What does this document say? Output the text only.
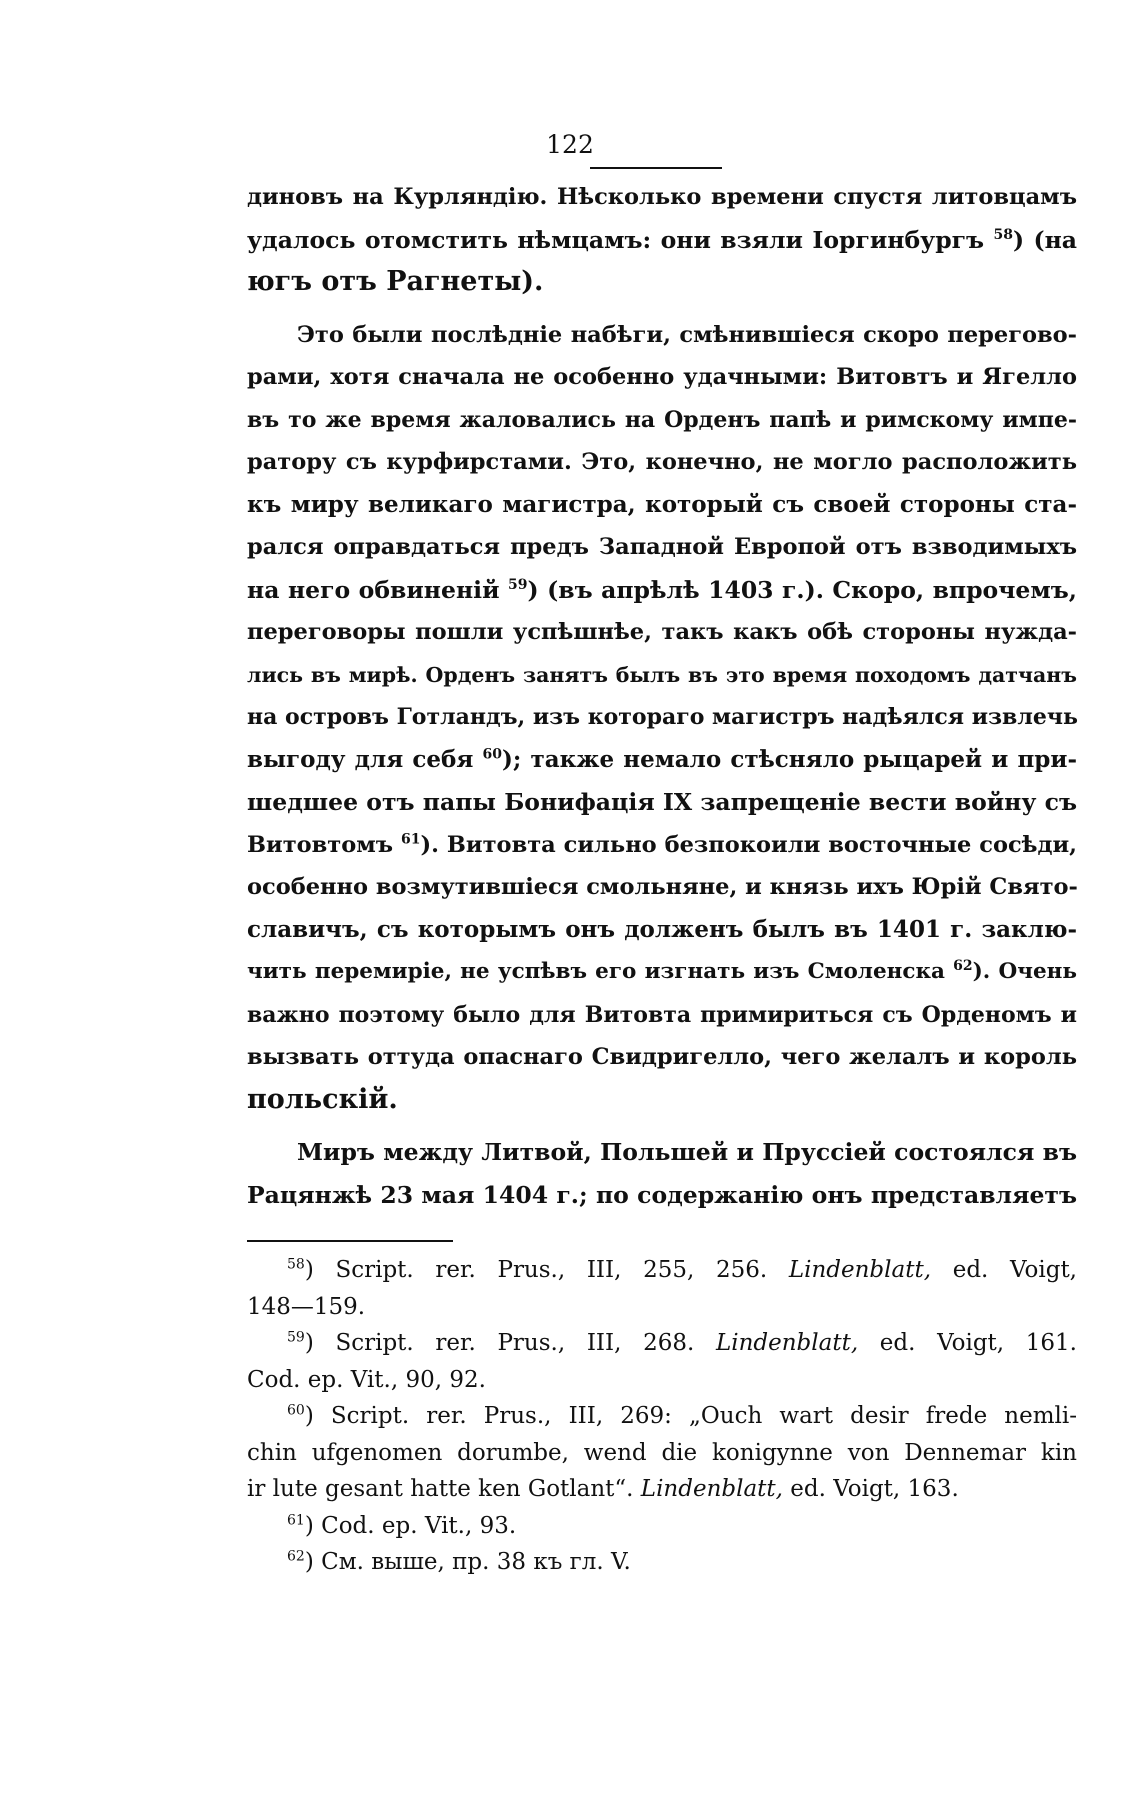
122
диновъ на Курляндію. Нѣсколько времени спустя литовцамъ
удалось отомстить нѣмцамъ: они взяли Іоргинбургъ $^{58}$) (на
югъ отъ Рагнеты).
Это были послѣдніе набѣги, смѣнившіеся скоро перегово-
рами, хотя сначала не особенно удачными: Витовтъ и Ягелло
въ то же время жаловались на Орденъ папѣ и римскому импе-
ратору съ курфирстами. Это, конечно, не могло расположить
къ миру великаго магистра, который съ своей стороны ста-
рался оправдаться предъ Западной Европой отъ взводимыхъ
на него обвиненій $^{59}$) (въ апрѣлѣ 1403 г.). Скоро, впрочемъ,
переговоры пошли успѣшнѣе, такъ какъ обѣ стороны нужда-
лись въ мирѣ. Орденъ занятъ былъ въ это время походомъ датчанъ
на островъ Готландъ, изъ котораго магистръ надѣялся извлечь
выгоду для себя $^{60}$); также немало стѣсняло рыцарей и при-
шедшее отъ папы Бонифація IX запрещеніе вести войну съ
Витовтомъ $^{61}$). Витовта сильно безпокоили восточные сосѣди,
особенно возмутившіеся смольняне, и князь ихъ Юрій Свято-
славичъ, съ которымъ онъ долженъ былъ въ 1401 г. заклю-
чить перемиріе, не успѣвъ его изгнать изъ Смоленска $^{62}$). Очень
важно поэтому было для Витовта примириться съ Орденомъ и
вызвать оттуда опаснаго Свидригелло, чего желалъ и король
польскій.
Миръ между Литвой, Польшей и Пруссіей состоялся въ
Рацянжѣ 23 мая 1404 г.; по содержанію онъ представляетъ
$^{58}$) Script. rer. Prus., III, 255, 256. Lindenblatt, ed. Voigt,
148—159.
$^{59}$) Script. rer. Prus., III, 268. Lindenblatt, ed. Voigt, 161.
Cod. ep. Vit., 90, 92.
$^{60}$) Script. rer. Prus., III, 269: „Ouch wart desir frede nemli-
chin ufgenomen dorumbe, wend die konigynne von Dennemar kin
ir lute gesant hatte ken Gotlant“. Lindenblatt, ed. Voigt, 163.
$^{61}$) Cod. ep. Vit., 93.
$^{62}$) См. выше, пр. 38 къ гл. V.
